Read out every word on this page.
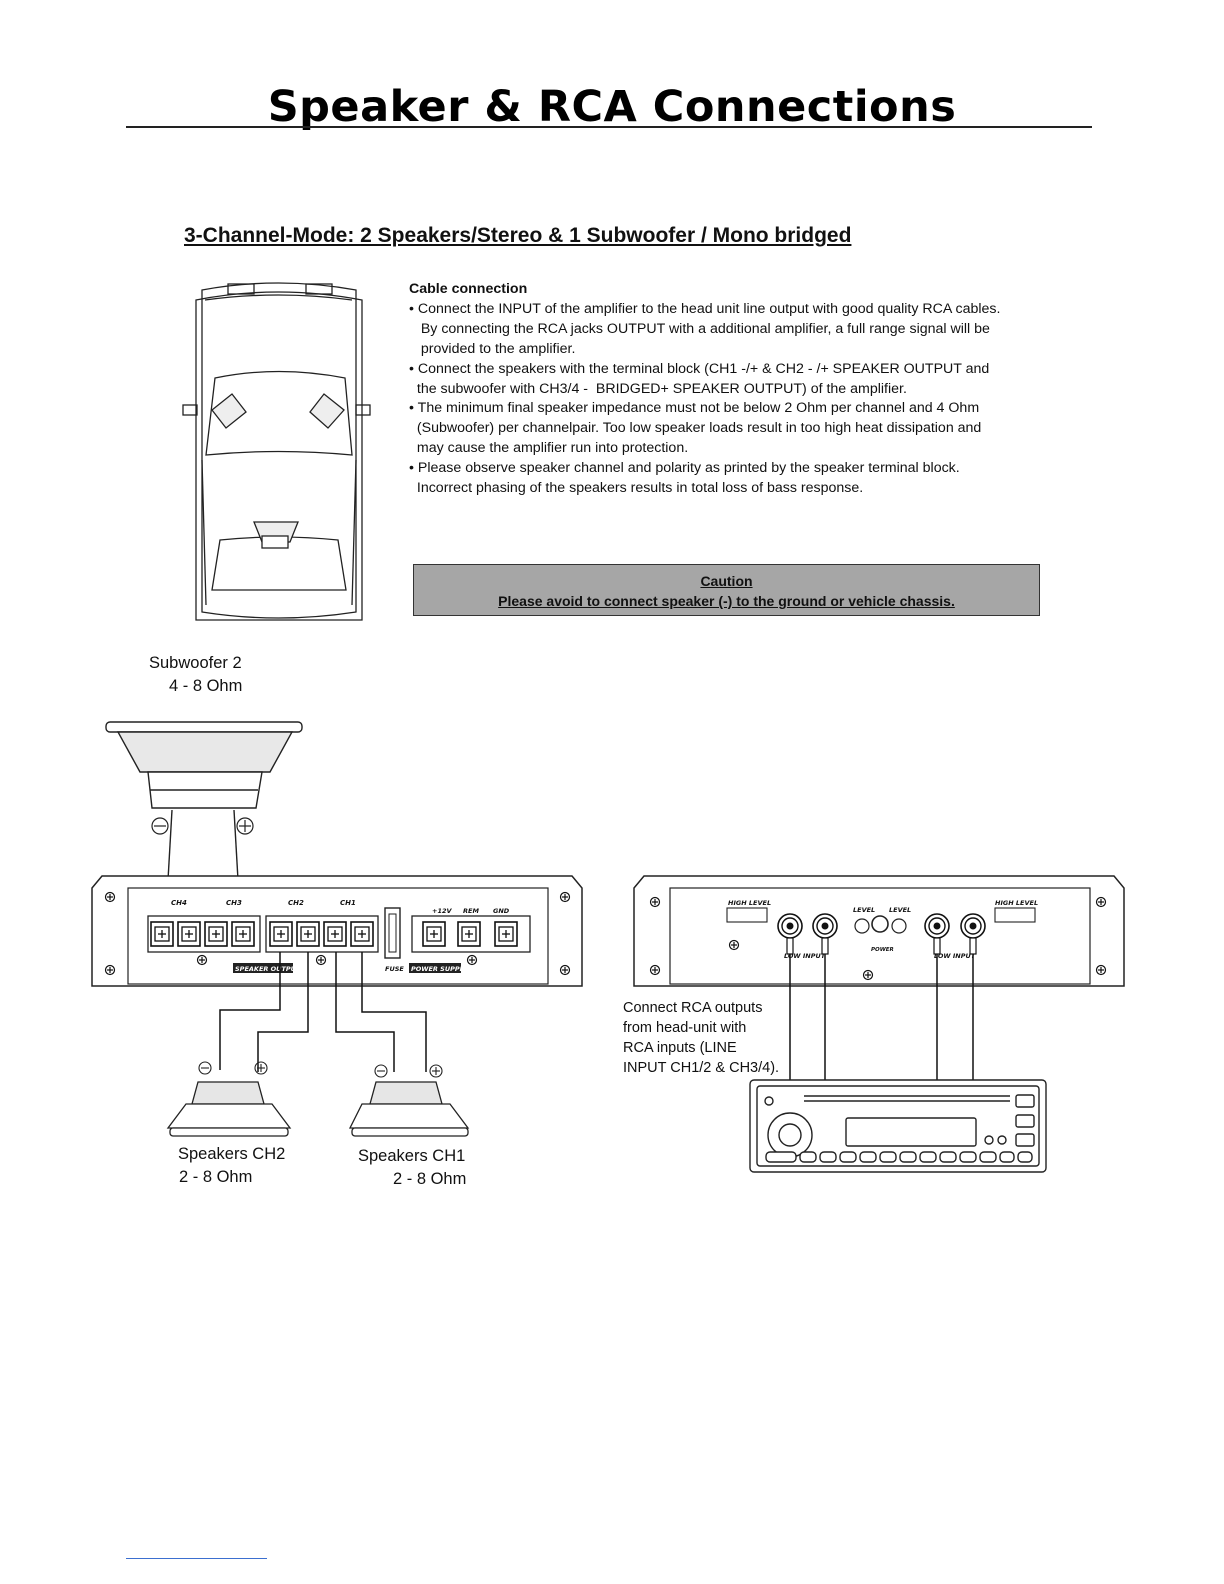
Speaker & RCA Connections
3-Channel-Mode: 2 Speakers/Stereo & 1 Subwoofer / Mono bridged
Cable connection
• Connect the INPUT of the amplifier to the head unit line output with good quality RCA cables.
By connecting the RCA jacks OUTPUT with a additional amplifier, a full range signal will be
provided to the amplifier.
• Connect the speakers with the terminal block (CH1 -/+ & CH2 - /+ SPEAKER OUTPUT and
the subwoofer with CH3/4 -  BRIDGED+ SPEAKER OUTPUT) of the amplifier.
• The minimum final speaker impedance must not be below 2 Ohm per channel and 4 Ohm
(Subwoofer) per channelpair. Too low speaker loads result in too high heat dissipation and
may cause the amplifier run into protection.
• Please observe speaker channel and polarity as printed by the speaker terminal block.
Incorrect phasing of the speakers results in total loss of bass response.
Caution
Please avoid to connect speaker (-) to the ground or vehicle chassis.
CH4	CH3	CH2	CH1
+12V REM GND
SPEAKER OUTPUT	FUSE POWER SUPPLY
HIGH LEVEL	HIGH LEVEL
LEVEL LEVEL
POWER
LOW INPUT	LOW INPUT
Subwoofer 2
4 - 8 Ohm
Speakers CH2
2 - 8 Ohm
Speakers CH1
2 - 8 Ohm
Connect RCA outputs
from head-unit with
RCA inputs (LINE
INPUT CH1/2 & CH3/4).
